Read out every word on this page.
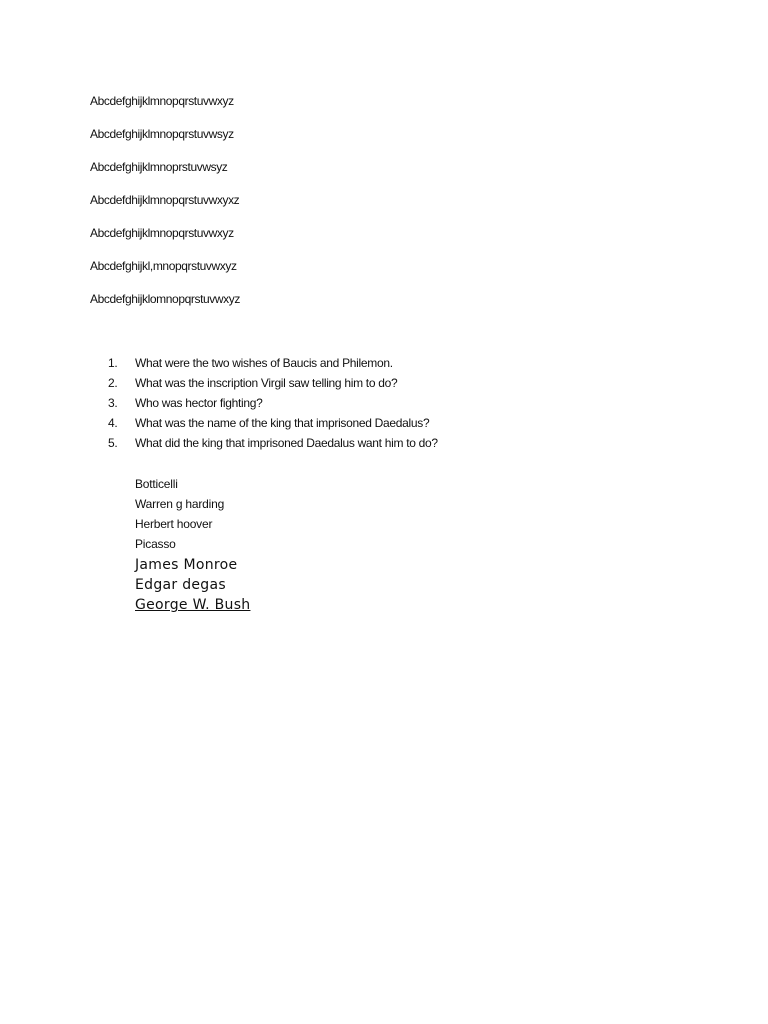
Abcdefghijklmnopqrstuvwxyz
Abcdefghijklmnopqrstuvwsyz
Abcdefghijklmnoprstuvwsyz
Abcdefdhijklmnopqrstuvwxyxz
Abcdefghijklmnopqrstuvwxyz
Abcdefghijkl,mnopqrstuvwxyz
Abcdefghijklomnopqrstuvwxyz
1. What were the two wishes of Baucis and Philemon.
2. What was the inscription Virgil saw telling him to do?
3. Who was hector fighting?
4. What was the name of the king that imprisoned Daedalus?
5. What did the king that imprisoned Daedalus want him to do?
Botticelli
Warren g harding
Herbert hoover
Picasso
James Monroe
Edgar degas
George W. Bush
